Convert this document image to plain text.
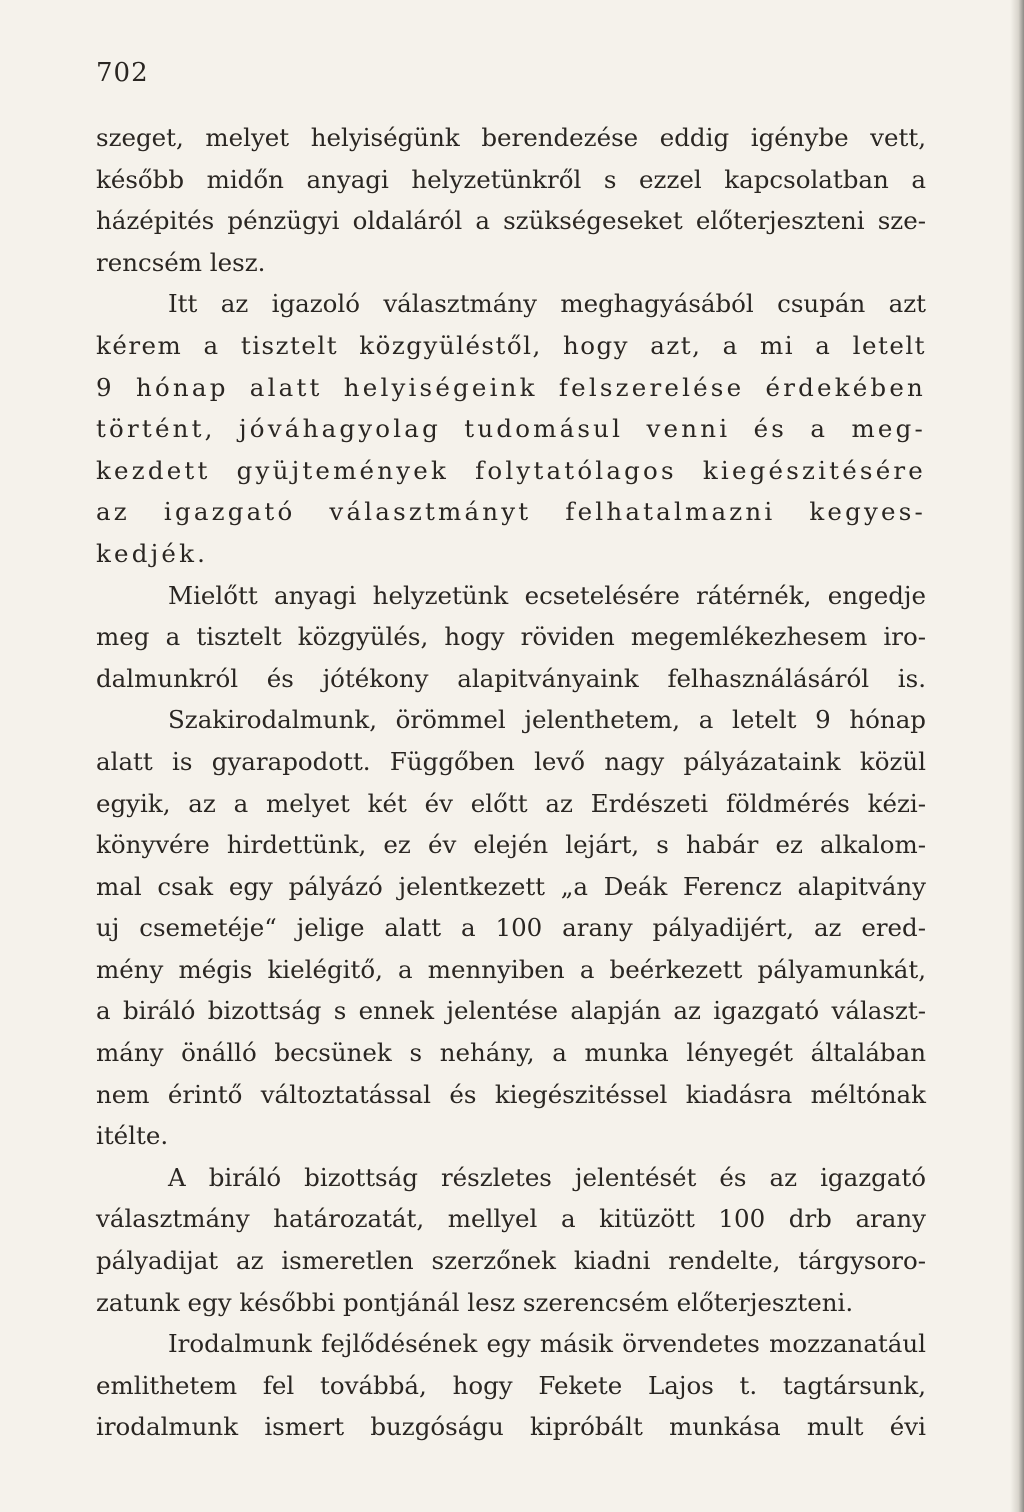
702
szeget, melyet helyiségünk berendezése eddig igénybe vett,
később midőn anyagi helyzetünkről s ezzel kapcsolatban a
házépités pénzügyi oldaláról a szükségeseket előterjeszteni sze-
rencsém lesz.
Itt az igazoló választmány meghagyásából csupán azt
kérem a tisztelt közgyüléstől, hogy azt, a mi a letelt
9 hónap alatt helyiségeink felszerelése érdekében
történt, jóváhagyolag tudomásul venni és a meg-
kezdett gyüjtemények folytatólagos kiegészitésére
az igazgató választmányt felhatalmazni kegyes-
kedjék.
Mielőtt anyagi helyzetünk ecsetelésére rátérnék, engedje
meg a tisztelt közgyülés, hogy röviden megemlékezhesem iro-
dalmunkról és jótékony alapitványaink felhasználásáról is.
Szakirodalmunk, örömmel jelenthetem, a letelt 9 hónap
alatt is gyarapodott. Függőben levő nagy pályázataink közül
egyik, az a melyet két év előtt az Erdészeti földmérés kézi-
könyvére hirdettünk, ez év elején lejárt, s habár ez alkalom-
mal csak egy pályázó jelentkezett „a Deák Ferencz alapitvány
uj csemetéje“ jelige alatt a 100 arany pályadijért, az ered-
mény mégis kielégitő, a mennyiben a beérkezett pályamunkát,
a biráló bizottság s ennek jelentése alapján az igazgató választ-
mány önálló becsünek s nehány, a munka lényegét általában
nem érintő változtatással és kiegészitéssel kiadásra méltónak
itélte.
A biráló bizottság részletes jelentését és az igazgató
választmány határozatát, mellyel a kitüzött 100 drb arany
pályadijat az ismeretlen szerzőnek kiadni rendelte, tárgysoro-
zatunk egy későbbi pontjánál lesz szerencsém előterjeszteni.
Irodalmunk fejlődésének egy másik örvendetes mozzanatául
emlithetem fel továbbá, hogy Fekete Lajos t. tagtársunk,
irodalmunk ismert buzgóságu kipróbált munkása mult évi
